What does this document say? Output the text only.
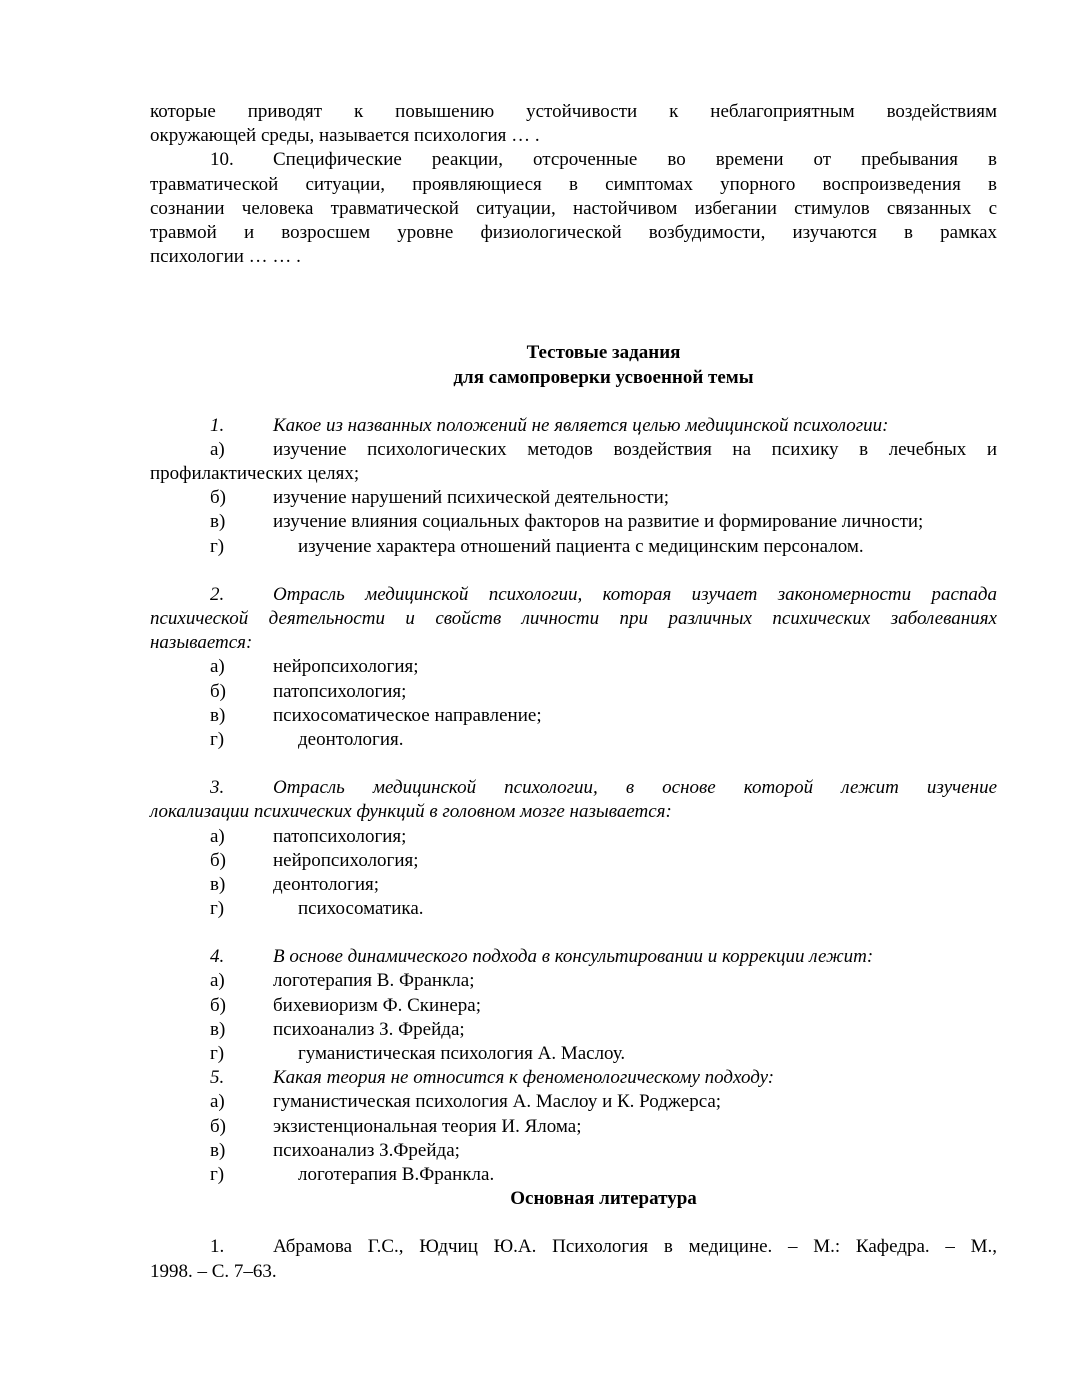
которые приводят к повышению устойчивости к неблагоприятным воздействиям
окружающей среды, называется психология … .
10.	Специфические реакции, отсроченные во времени от пребывания в
травматической ситуации, проявляющиеся в симптомах упорного воспроизведения в
сознании человека травматической ситуации, настойчивом избегании стимулов связанных с
травмой и возросшем уровне физиологической возбудимости, изучаются в рамках
психологии … … .
Тестовые задания
для самопроверки усвоенной темы
1.	Какое из названных положений не является целью медицинской психологии:
а)	изучение психологических методов воздействия на психику в лечебных и
профилактических целях;
б)	изучение нарушений психической деятельности;
в)	изучение влияния социальных факторов на развитие и формирование личности;
г)	изучение характера отношений пациента с медицинским персоналом.
2.	Отрасль медицинской психологии, которая изучает закономерности распада
психической деятельности и свойств личности при различных психических заболеваниях
называется:
а)	нейропсихология;
б)	патопсихология;
в)	психосоматическое направление;
г)	деонтология.
3.	Отрасль медицинской психологии, в основе которой лежит изучение
локализации психических функций в головном мозге называется:
а)	патопсихология;
б)	нейропсихология;
в)	деонтология;
г)	психосоматика.
4.	В основе динамического подхода в консультировании и коррекции лежит:
а)	логотерапия В. Франкла;
б)	бихевиоризм Ф. Скинера;
в)	психоанализ З. Фрейда;
г)	гуманистическая психология А. Маслоу.
5.	Какая теория не относится к феноменологическому подходу:
а)	гуманистическая психология А. Маслоу и К. Роджерса;
б)	экзистенциональная теория И. Ялома;
в)	психоанализ З.Фрейда;
г)	логотерапия В.Франкла.
Основная литература
1.	Абрамова Г.С., Юдчиц Ю.А. Психология в медицине. – М.: Кафедра. – М.,
1998. – С. 7–63.
